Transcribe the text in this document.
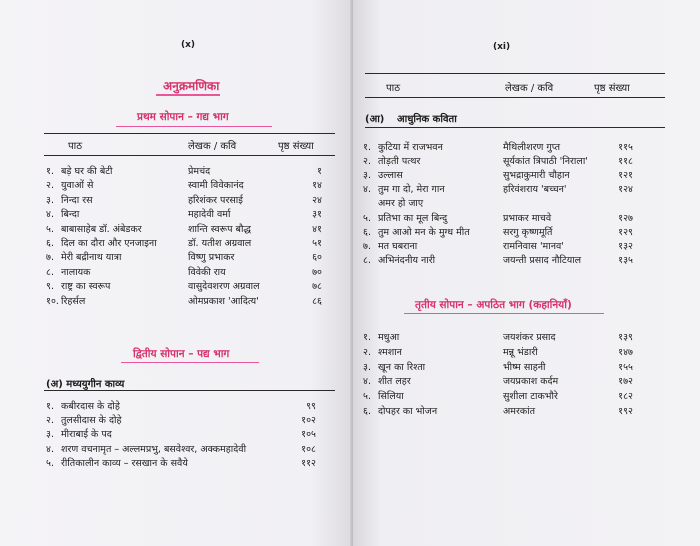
(x)
अनुक्रमणिका
प्रथम सोपान – गद्य भाग
पाठ	लेखक / कवि	पृष्ठ संख्या
१. बड़े घर की बेटी	प्रेमचंद	१
२. युवाओं से	स्वामी विवेकानंद	१४
३. निन्दा रस	हरिशंकर परसाई	२४
४. बिन्दा	महादेवी वर्मा	३१
५. बाबासाहेब डॉ. अंबेडकर	शान्ति स्वरूप बौद्ध	४१
६. दिल का दौरा और एनजाइना	डॉ. यतीश अग्रवाल	५१
७. मेरी बद्रीनाथ यात्रा	विष्णु प्रभाकर	६०
८. नालायक	विवेकी राय	७०
९. राष्ट्र का स्वरूप	वासुदेवशरण अग्रवाल	७८
१०. रिहर्सल	ओमप्रकाश 'आदित्य'	८६
द्वितीय सोपान – पद्य भाग
(अ) मध्ययुगीन काव्य
१. कबीरदास के दोहे	९९
२. तुलसीदास के दोहे	१०२
३. मीराबाई के पद	१०५
४. शरण वचनामृत – अल्लमप्रभु, बसवेश्वर, अक्कमहादेवी	१०८
५. रीतिकालीन काव्य – रसखान के सवैये	११२
(xi)
पाठ	लेखक / कवि	पृष्ठ संख्या
(आ) आधुनिक कविता
१. कुटिया में राजभवन	मैथिलीशरण गुप्त	११५
२. तोड़ती पत्थर	सूर्यकांत त्रिपाठी 'निराला'	११८
३. उल्लास	सुभद्राकुमारी चौहान	१२१
४. तुम गा दो, मेरा गान	हरिवंशराय 'बच्चन'	१२४
अमर हो जाए
५. प्रतिभा का मूल बिन्दु	प्रभाकर माचवे	१२७
६. तुम आओ मन के मुग्ध मीत	सरगु कृष्णमूर्ति	१२९
७. मत घबराना	रामनिवास 'मानव'	१३२
८. अभिनंदनीय नारी	जयन्ती प्रसाद नौटियाल	१३५
तृतीय सोपान – अपठित भाग (कहानियाँ)
१. मधुआ	जयशंकर प्रसाद	१३९
२. श्मशान	मन्नू भंडारी	१४७
३. खून का रिश्ता	भीष्म साहनी	१५५
४. शीत लहर	जयप्रकाश कर्दम	१७२
५. सिलिया	सुशीला टाकभौरे	१८२
६. दोपहर का भोजन	अमरकांत	१९२
